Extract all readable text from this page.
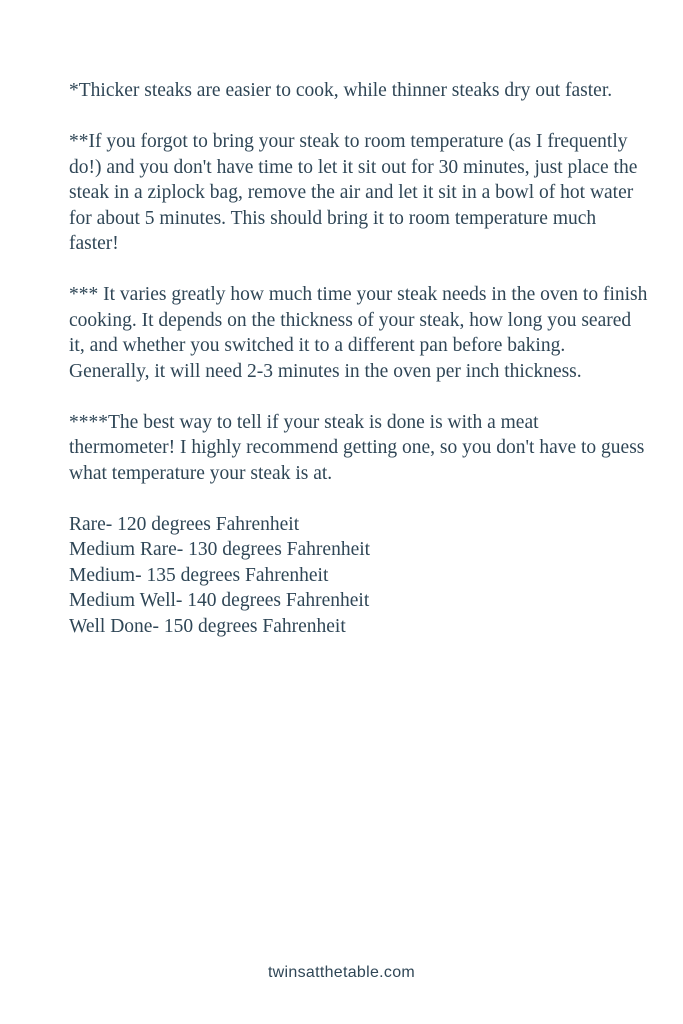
*Thicker steaks are easier to cook, while thinner steaks dry out faster.

**If you forgot to bring your steak to room temperature (as I frequently do!) and you don't have time to let it sit out for 30 minutes, just place the steak in a ziplock bag, remove the air and let it sit in a bowl of hot water for about 5 minutes. This should bring it to room temperature much faster!

*** It varies greatly how much time your steak needs in the oven to finish cooking. It depends on the thickness of your steak, how long you seared it, and whether you switched it to a different pan before baking. Generally, it will need 2-3 minutes in the oven per inch thickness.

****The best way to tell if your steak is done is with a meat thermometer! I highly recommend getting one, so you don't have to guess what temperature your steak is at.

Rare- 120 degrees Fahrenheit
Medium Rare- 130 degrees Fahrenheit
Medium- 135 degrees Fahrenheit
Medium Well- 140 degrees Fahrenheit
Well Done- 150 degrees Fahrenheit
twinsatthetable.com
